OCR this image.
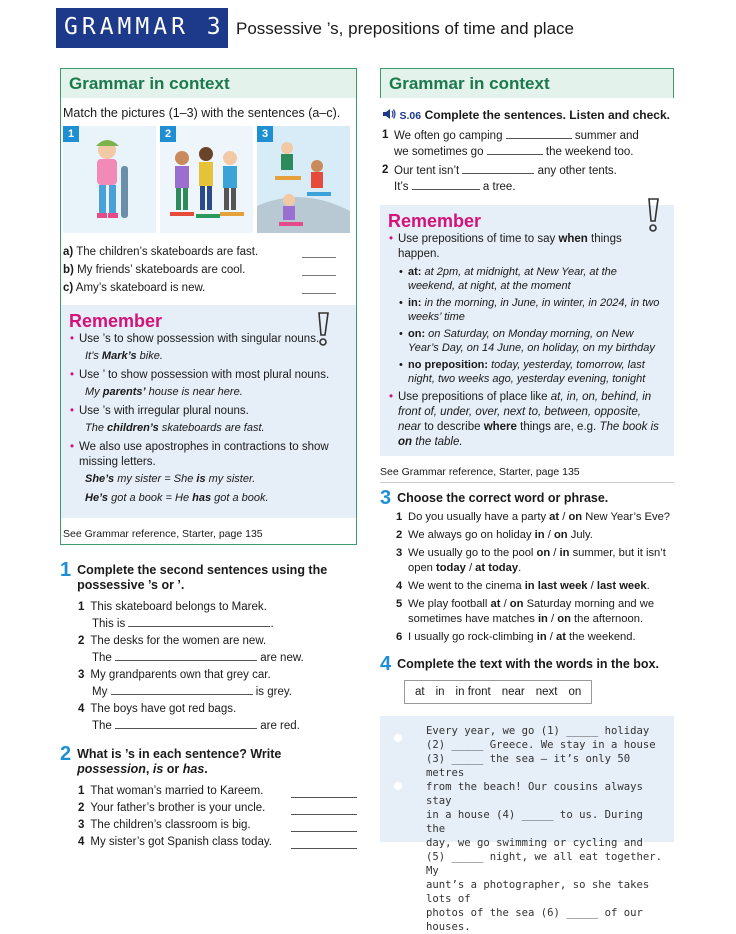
GRAMMAR 3 Possessive ’s, prepositions of time and place
Grammar in context
Match the pictures (1–3) with the sentences (a–c).
1	2	3
a) The children’s skateboards are fast.
b) My friends’ skateboards are cool.
c) Amy’s skateboard is new.
Remember
• Use ’s to show possession with singular nouns.
It’s Mark’s bike.
• Use ’ to show possession with most plural nouns.
My parents’ house is near here.
• Use ’s with irregular plural nouns.
The children’s skateboards are fast.
• We also use apostrophes in contractions to show missing letters.
She’s my sister = She is my sister.
He’s got a book = He has got a book.
See Grammar reference, Starter, page 135
1 Complete the second sentences using the possessive ’s or ’.
1 This skateboard belongs to Marek.
This is	.
2 The desks for the women are new.
The	are new.
3 My grandparents own that grey car.
My	is grey.
4 The boys have got red bags.
The	are red.
2 What is ’s in each sentence? Write possession, is or has.
1 That woman’s married to Kareem.
2 Your father’s brother is your uncle.
3 The children’s classroom is big.
4 My sister’s got Spanish class today.
Grammar in context
S.06 Complete the sentences. Listen and check.
1 We often go camping	summer and
we sometimes go	the weekend too.
2 Our tent isn’t	any other tents.
It’s	a tree.
Remember
• Use prepositions of time to say when things happen.
• at: at 2pm, at midnight, at New Year, at the weekend, at night, at the moment
• in: in the morning, in June, in winter, in 2024, in two weeks’ time
• on: on Saturday, on Monday morning, on New Year’s Day, on 14 June, on holiday, on my birthday
• no preposition: today, yesterday, tomorrow, last night, two weeks ago, yesterday evening, tonight
• Use prepositions of place like at, in, on, behind, in front of, under, over, next to, between, opposite, near to describe where things are, e.g. The book is on the table.
See Grammar reference, Starter, page 135
3 Choose the correct word or phrase.
1 Do you usually have a party at / on New Year’s Eve?
2 We always go on holiday in / on July.
3 We usually go to the pool on / in summer, but it isn’t open today / at today.
4 We went to the cinema in last week / last week.
5 We play football at / on Saturday morning and we sometimes have matches in / on the afternoon.
6 I usually go rock-climbing in / at the weekend.
4 Complete the text with the words in the box.
at in in front near next on
Every year, we go (1) _____ holiday
(2) _____ Greece. We stay in a house
(3) _____ the sea – it’s only 50 metres
from the beach! Our cousins always stay
in a house (4) _____ to us. During the
day, we go swimming or cycling and
(5) _____ night, we all eat together. My
aunt’s a photographer, so she takes lots of
photos of the sea (6) _____ of our houses.
